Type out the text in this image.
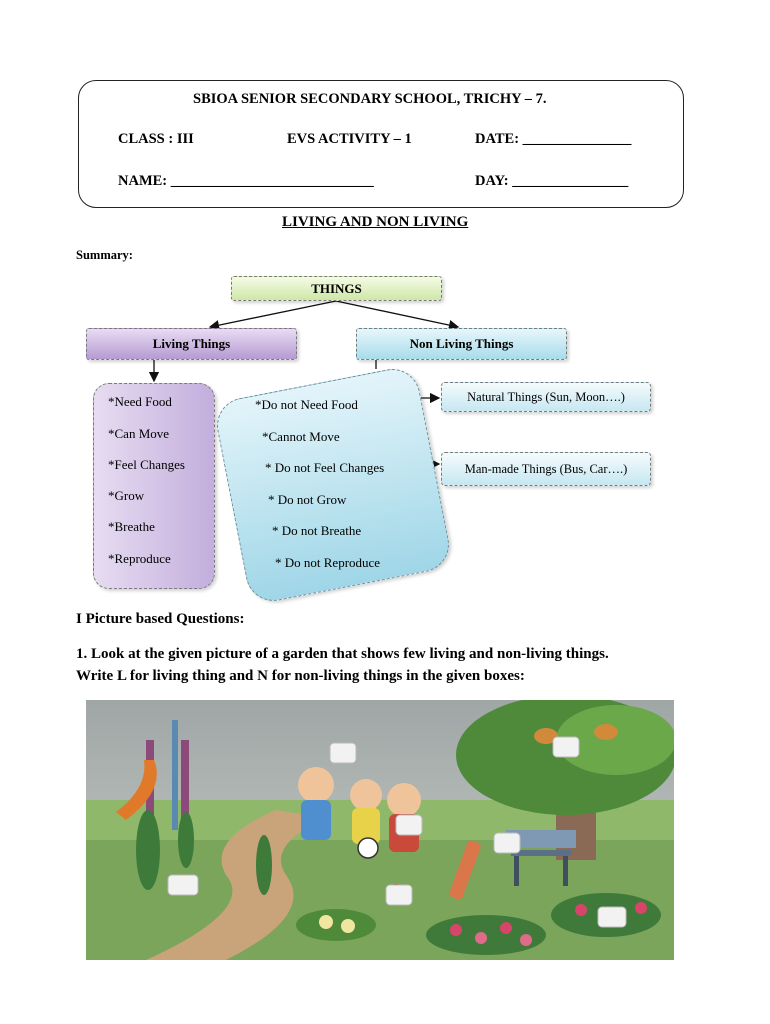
SBIOA SENIOR SECONDARY SCHOOL, TRICHY – 7.
CLASS : III	EVS ACTIVITY – 1	DATE: _______________
NAME: ____________________________	DAY: ________________
LIVING AND NON LIVING
Summary:
THINGS
Living Things	Non Living Things
*Need Food
*Can Move
*Feel Changes
*Grow
*Breathe
*Reproduce
*Do not Need Food
*Cannot Move
* Do not Feel Changes
* Do not Grow
* Do not Breathe
* Do not Reproduce
Natural Things (Sun, Moon….)
Man-made Things (Bus, Car….)
I Picture based Questions:
1. Look at the given picture of a garden that shows few living and non-living things.
Write L for living thing and N for non-living things in the given boxes:
